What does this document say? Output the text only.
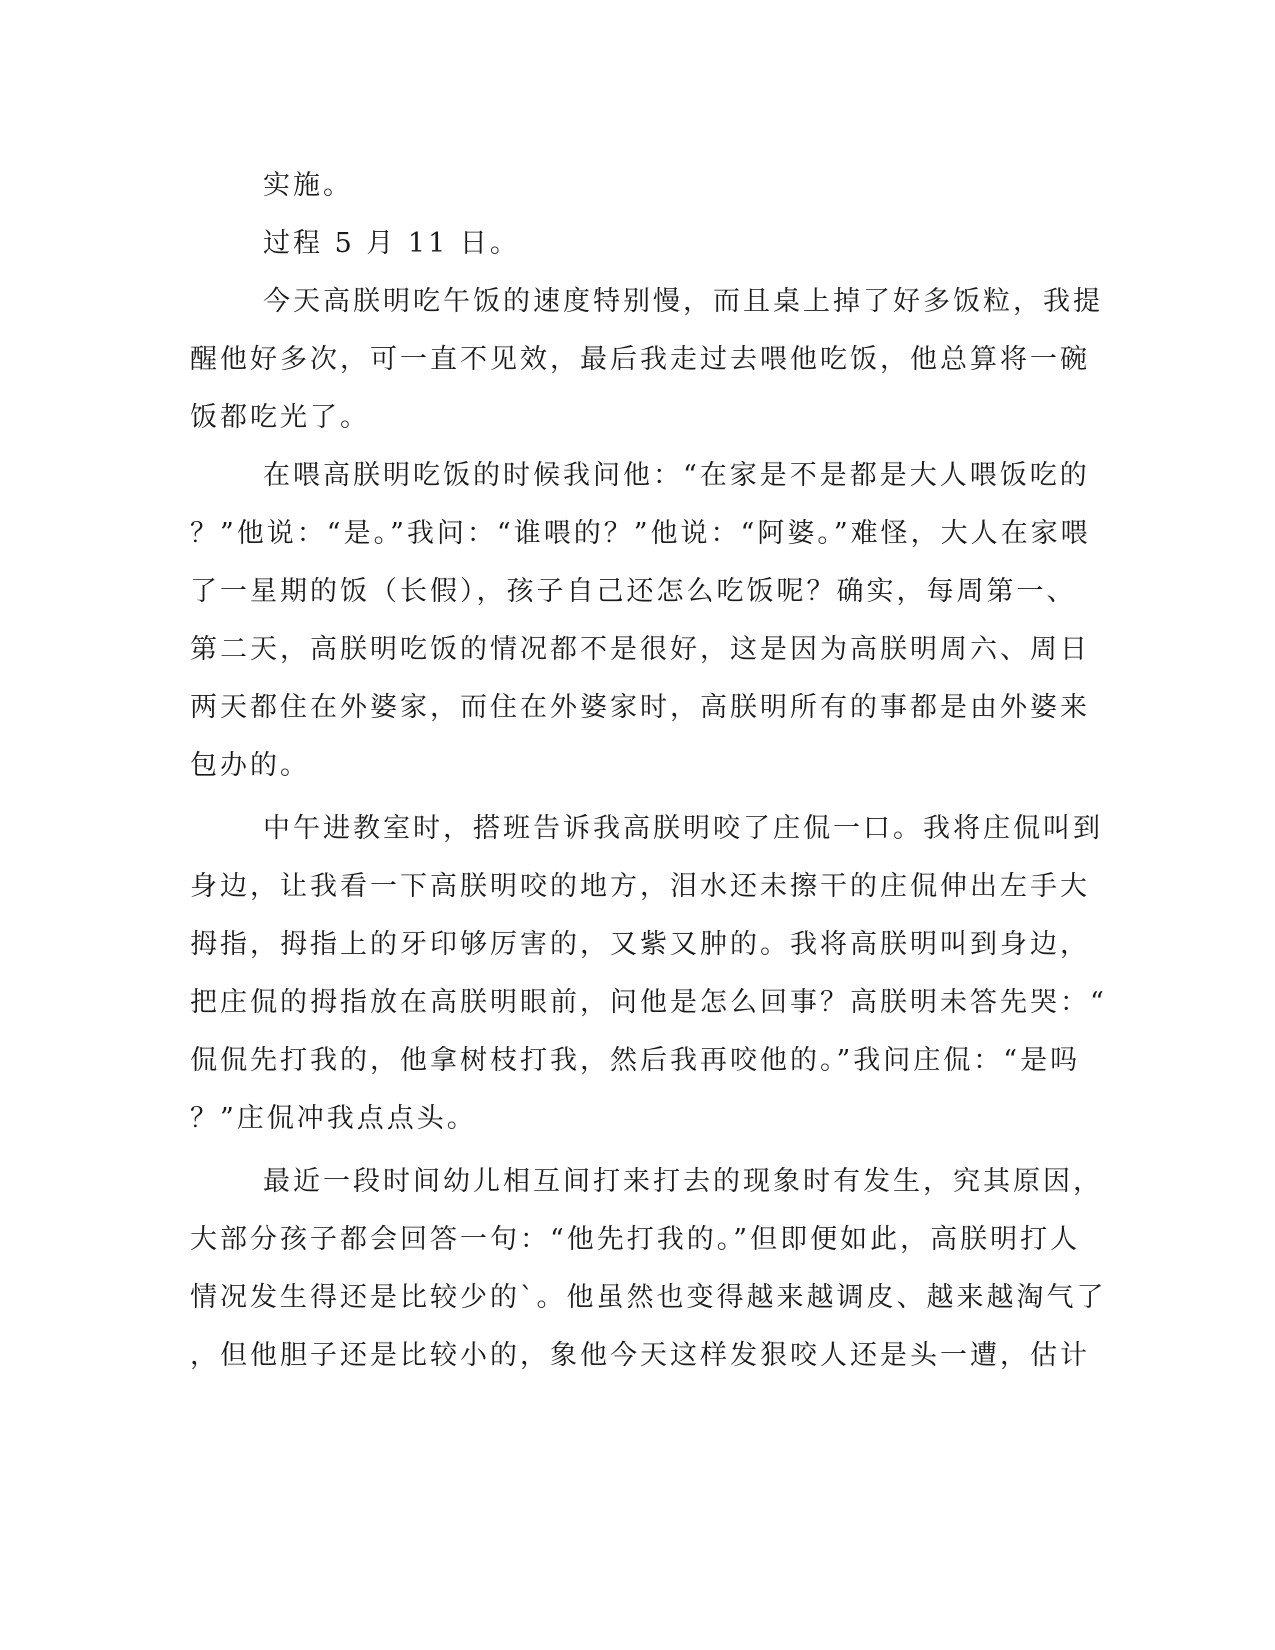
实施。

过程 5 月 11 日。

今天高朕明吃午饭的速度特别慢，而且桌上掉了好多饭粒，我提

醒他好多次，可一直不见效，最后我走过去喂他吃饭，他总算将一碗

饭都吃光了。

在喂高朕明吃饭的时候我问他：“在家是不是都是大人喂饭吃的

？”他说：“是。”我问：“谁喂的？”他说：“阿婆。”难怪，大人在家喂

了一星期的饭（长假），孩子自己还怎么吃饭呢？确实，每周第一、

第二天，高朕明吃饭的情况都不是很好，这是因为高朕明周六、周日

两天都住在外婆家，而住在外婆家时，高朕明所有的事都是由外婆来

包办的。

中午进教室时，搭班告诉我高朕明咬了庄侃一口。我将庄侃叫到

身边，让我看一下高朕明咬的地方，泪水还未擦干的庄侃伸出左手大

拇指，拇指上的牙印够厉害的，又紫又肿的。我将高朕明叫到身边，

把庄侃的拇指放在高朕明眼前，问他是怎么回事？高朕明未答先哭：“

侃侃先打我的，他拿树枝打我，然后我再咬他的。”我问庄侃：“是吗

？”庄侃冲我点点头。

最近一段时间幼儿相互间打来打去的现象时有发生，究其原因，

大部分孩子都会回答一句：“他先打我的。”但即便如此，高朕明打人

情况发生得还是比较少的`。他虽然也变得越来越调皮、越来越淘气了

，但他胆子还是比较小的，象他今天这样发狠咬人还是头一遭，估计
